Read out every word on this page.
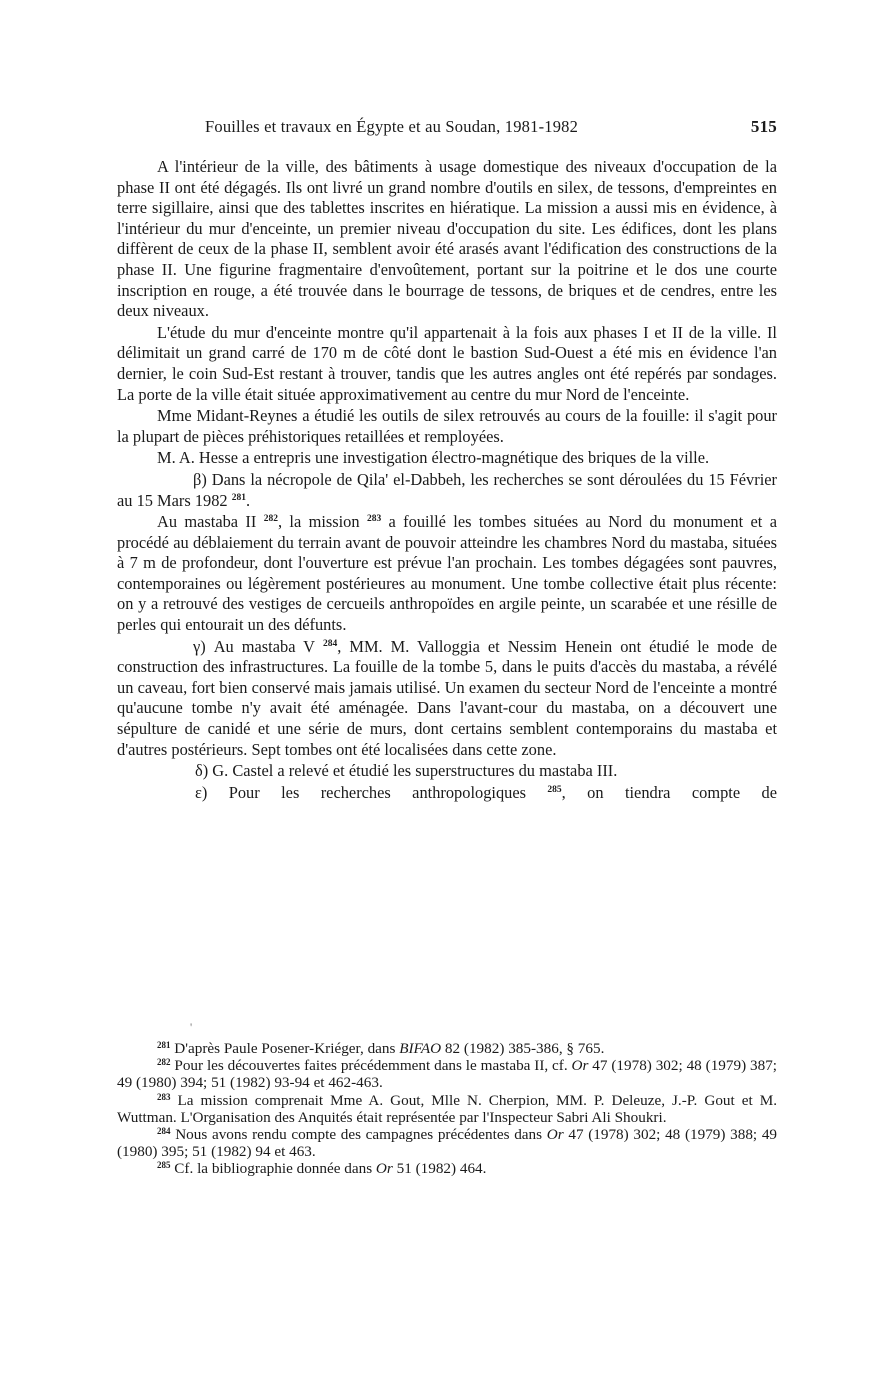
Fouilles et travaux en Égypte et au Soudan, 1981-1982	515

A l'intérieur de la ville, des bâtiments à usage domestique des niveaux d'occupation de la phase II ont été dégagés. Ils ont livré un grand nombre d'outils en silex, de tessons, d'empreintes en terre sigillaire, ainsi que des tablettes inscrites en hiératique. La mission a aussi mis en évidence, à l'intérieur du mur d'enceinte, un premier niveau d'occupation du site. Les édifices, dont les plans diffèrent de ceux de la phase II, semblent avoir été arasés avant l'édification des constructions de la phase II. Une figurine fragmentaire d'envoûtement, portant sur la poitrine et le dos une courte inscription en rouge, a été trouvée dans le bourrage de tessons, de briques et de cendres, entre les deux niveaux.

L'étude du mur d'enceinte montre qu'il appartenait à la fois aux phases I et II de la ville. Il délimitait un grand carré de 170 m de côté dont le bastion Sud-Ouest a été mis en évidence l'an dernier, le coin Sud-Est restant à trouver, tandis que les autres angles ont été repérés par sondages. La porte de la ville était située approximativement au centre du mur Nord de l'enceinte.

Mme Midant-Reynes a étudié les outils de silex retrouvés au cours de la fouille: il s'agit pour la plupart de pièces préhistoriques retaillées et remployées.

M. A. Hesse a entrepris une investigation électro-magnétique des briques de la ville.

β) Dans la nécropole de Qila' el-Dabbeh, les recherches se sont déroulées du 15 Février au 15 Mars 1982 $^{281}$.

Au mastaba II $^{282}$, la mission $^{283}$ a fouillé les tombes situées au Nord du monument et a procédé au déblaiement du terrain avant de pouvoir atteindre les chambres Nord du mastaba, situées à 7 m de profondeur, dont l'ouverture est prévue l'an prochain. Les tombes dégagées sont pauvres, contemporaines ou légèrement postérieures au monument. Une tombe collective était plus récente: on y a retrouvé des vestiges de cercueils anthropoïdes en argile peinte, un scarabée et une résille de perles qui entourait un des défunts.

γ) Au mastaba V $^{284}$, MM. M. Valloggia et Nessim Henein ont étudié le mode de construction des infrastructures. La fouille de la tombe 5, dans le puits d'accès du mastaba, a révélé un caveau, fort bien conservé mais jamais utilisé. Un examen du secteur Nord de l'enceinte a montré qu'aucune tombe n'y avait été aménagée. Dans l'avant-cour du mastaba, on a découvert une sépulture de canidé et une série de murs, dont certains semblent contemporains du mastaba et d'autres postérieurs. Sept tombes ont été localisées dans cette zone.

δ) G. Castel a relevé et étudié les superstructures du mastaba III.

ε) Pour les recherches anthropologiques $^{285}$, on tiendra compte de

'

$^{281}$ D'après Paule Posener-Kriéger, dans BIFAO 82 (1982) 385-386, § 765.

$^{282}$ Pour les découvertes faites précédemment dans le mastaba II, cf. Or 47 (1978) 302; 48 (1979) 387; 49 (1980) 394; 51 (1982) 93-94 et 462-463.

$^{283}$ La mission comprenait Mme A. Gout, Mlle N. Cherpion, MM. P. Deleuze, J.-P. Gout et M. Wuttman. L'Organisation des Anquités était représentée par l'Inspecteur Sabri Ali Shoukri.

$^{284}$ Nous avons rendu compte des campagnes précédentes dans Or 47 (1978) 302; 48 (1979) 388; 49 (1980) 395; 51 (1982) 94 et 463.

$^{285}$ Cf. la bibliographie donnée dans Or 51 (1982) 464.
